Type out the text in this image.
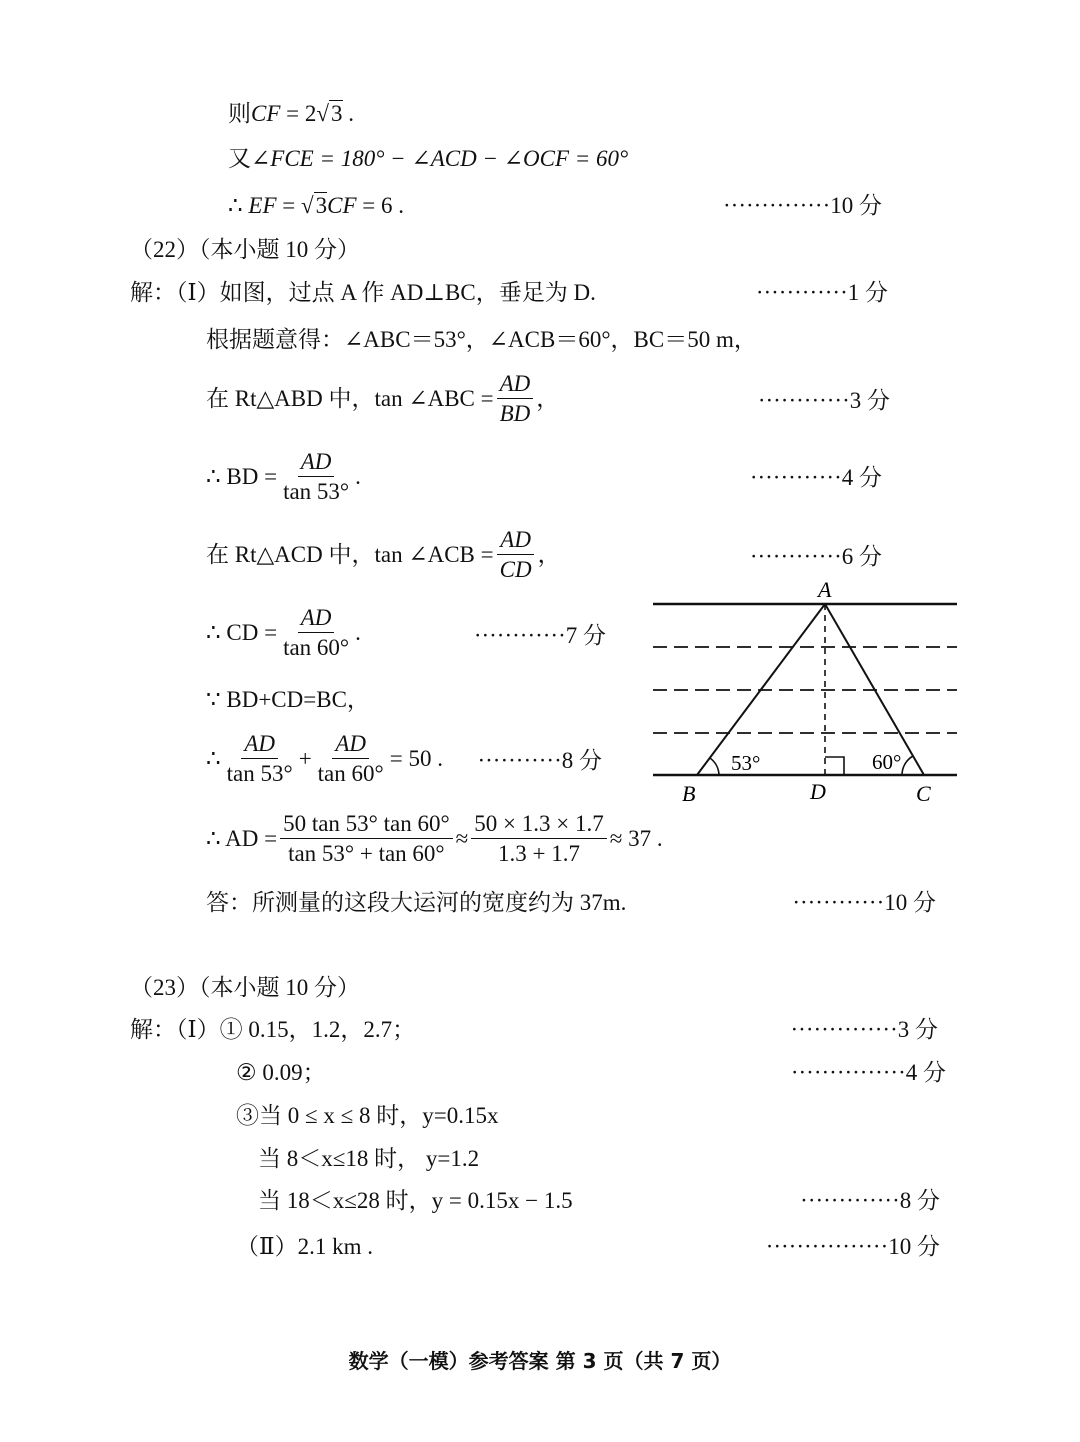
则CF = 2√3 .
又∠FCE = 180° − ∠ACD − ∠OCF = 60°
∴ EF = √3CF = 6 .	··············10 分
（22）（本小题 10 分）
解：（Ⅰ）如图，过点 A 作 AD⊥BC，垂足为 D.	············1 分
根据题意得：∠ABC＝53°，∠ACB＝60°，BC＝50 m，
在 Rt△ABD 中， tan ∠ABC = $\frac{AD}{BD}$ ，	············3 分
∴ BD = $\frac{AD}{\tan 53^\circ}$ .	············4 分
在 Rt△ACD 中， tan ∠ACB = $\frac{AD}{CD}$ ，	············6 分
∴ CD = $\frac{AD}{\tan 60^\circ}$ .	············7 分
∵ BD+CD=BC，
∴ $\frac{AD}{\tan 53^\circ} + \frac{AD}{\tan 60^\circ} = 50$ . ···········8 分
∴ AD = $\frac{50 \tan 53^\circ \tan 60^\circ}{\tan 53^\circ + \tan 60^\circ} \approx \frac{50 \times 1.3 \times 1.7}{1.3 + 1.7} \approx 37$ .
答：所测量的这段大运河的宽度约为 37m.	············10 分
A
B	D	C
53°	60°
（23）（本小题 10 分）
解：（Ⅰ）① 0.15，1.2，2.7；	··············3 分
② 0.09；	···············4 分
③当 0 ≤ x ≤ 8 时，y=0.15x
当 8＜x≤18 时， y=1.2
当 18＜x≤28 时，y = 0.15x − 1.5	·············8 分
（Ⅱ）2.1 km .	················10 分
数学（一模）参考答案 第 3 页（共 7 页）
